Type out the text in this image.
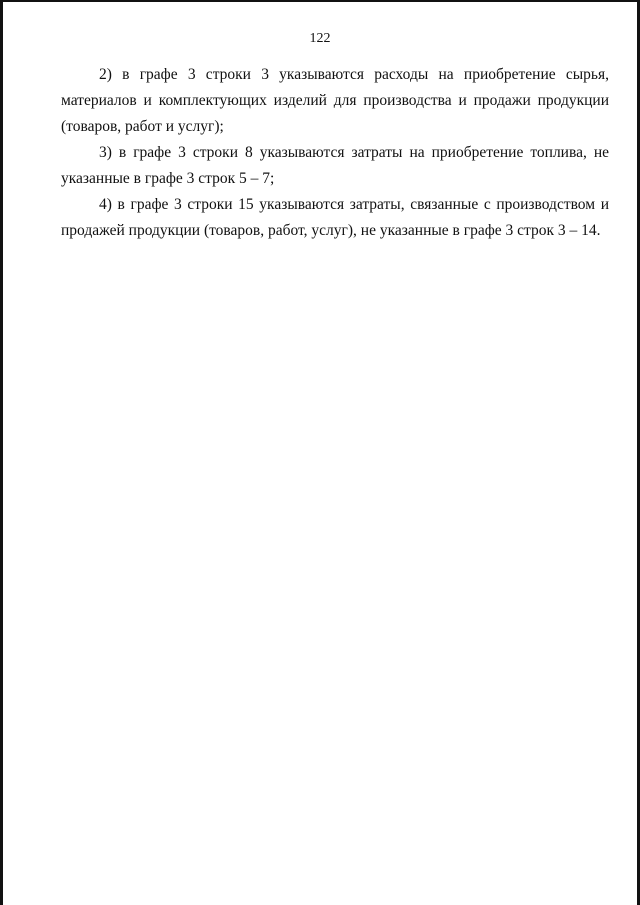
122

2) в графе 3 строки 3 указываются расходы на приобретение сырья, материалов и комплектующих изделий для производства и продажи продукции (товаров, работ и услуг);

3) в графе 3 строки 8 указываются затраты на приобретение топлива, не указанные в графе 3 строк 5 – 7;

4) в графе 3 строки 15 указываются затраты, связанные с производством и продажей продукции (товаров, работ, услуг), не указанные в графе 3 строк 3 – 14.
